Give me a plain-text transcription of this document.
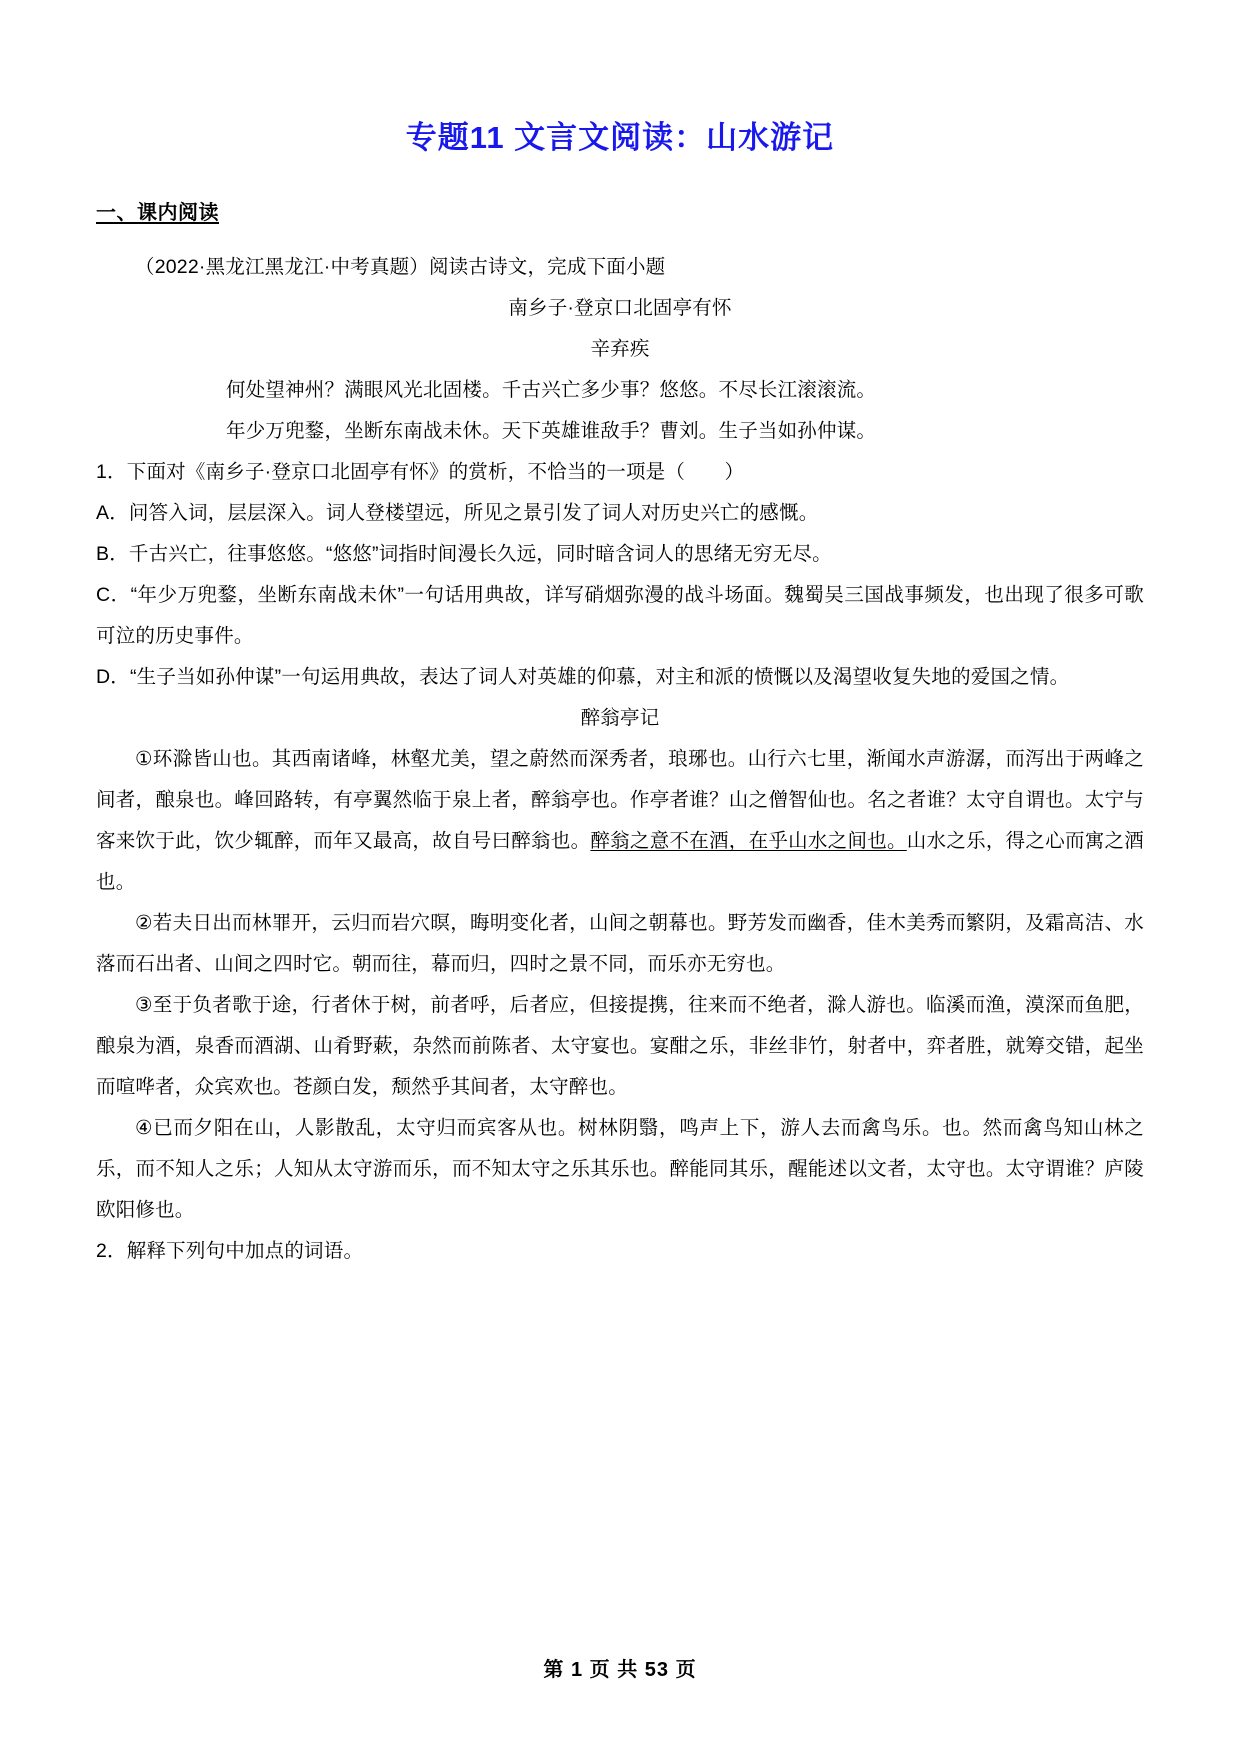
专题11 文言文阅读：山水游记
一、课内阅读

（2022·黑龙江黑龙江·中考真题）阅读古诗文，完成下面小题

南乡子·登京口北固亭有怀

辛弃疾

何处望神州？满眼风光北固楼。千古兴亡多少事？悠悠。不尽长江滚滚流。

年少万兜鍪，坐断东南战未休。天下英雄谁敌手？曹刘。生子当如孙仲谋。

1．下面对《南乡子·登京口北固亭有怀》的赏析，不恰当的一项是（　　）

A．问答入词，层层深入。词人登楼望远，所见之景引发了词人对历史兴亡的感慨。

B．千古兴亡，往事悠悠。“悠悠”词指时间漫长久远，同时暗含词人的思绪无穷无尽。

C．“年少万兜鍪，坐断东南战未休”一句话用典故，详写硝烟弥漫的战斗场面。魏蜀吴三国战事频发，也出现了很多可歌可泣的历史事件。

D．“生子当如孙仲谋”一句运用典故，表达了词人对英雄的仰慕，对主和派的愤慨以及渴望收复失地的爱国之情。

醉翁亭记

①环滁皆山也。其西南诸峰，林壑尤美，望之蔚然而深秀者，琅琊也。山行六七里，渐闻水声游潺，而泻出于两峰之间者，酿泉也。峰回路转，有亭翼然临于泉上者，醉翁亭也。作亭者谁？山之僧智仙也。名之者谁？太守自谓也。太宁与客来饮于此，饮少辄醉，而年又最高，故自号曰醉翁也。醉翁之意不在酒，在乎山水之间也。山水之乐，得之心而寓之酒也。

②若夫日出而林罪开，云归而岩穴暝，晦明变化者，山间之朝幕也。野芳发而幽香，佳木美秀而繁阴，及霜高洁、水落而石出者、山间之四时它。朝而往，幕而归，四时之景不同，而乐亦无穷也。

③至于负者歌于途，行者休于树，前者呼，后者应，但接提携，往来而不绝者，滁人游也。临溪而渔，漠深而鱼肥，酿泉为酒，泉香而酒湖、山肴野蔌，杂然而前陈者、太守宴也。宴酣之乐，非丝非竹，射者中，弈者胜，就筹交错，起坐而喧哗者，众宾欢也。苍颜白发，颓然乎其间者，太守醉也。

④已而夕阳在山，人影散乱，太守归而宾客从也。树林阴翳，鸣声上下，游人去而禽鸟乐。也。然而禽鸟知山林之乐，而不知人之乐；人知从太守游而乐，而不知太守之乐其乐也。醉能同其乐，醒能述以文者，太守也。太守谓谁？庐陵欧阳修也。

2．解释下列句中加点的词语。

第 1 页 共 53 页
